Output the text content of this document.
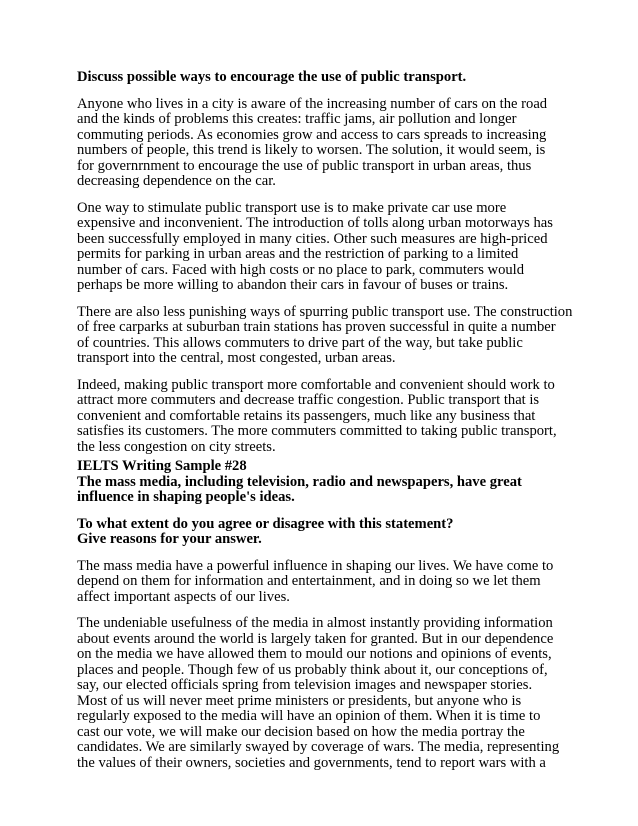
Discuss possible ways to encourage the use of public transport.
Anyone who lives in a city is aware of the increasing number of cars on the road
and the kinds of problems this creates: traffic jams, air pollution and longer
commuting periods. As economies grow and access to cars spreads to increasing
numbers of people, this trend is likely to worsen. The solution, it would seem, is
for governrnment to encourage the use of public transport in urban areas, thus
decreasing dependence on the car.
One way to stimulate public transport use is to make private car use more
expensive and inconvenient. The introduction of tolls along urban motorways has
been successfully employed in many cities. Other such measures are high-priced
permits for parking in urban areas and the restriction of parking to a limited
number of cars. Faced with high costs or no place to park, commuters would
perhaps be more willing to abandon their cars in favour of buses or trains.
There are also less punishing ways of spurring public transport use. The construction
of free carparks at suburban train stations has proven successful in quite a number
of countries. This allows commuters to drive part of the way, but take public
transport into the central, most congested, urban areas.
Indeed, making public transport more comfortable and convenient should work to
attract more commuters and decrease traffic congestion. Public transport that is
convenient and comfortable retains its passengers, much like any business that
satisfies its customers. The more commuters committed to taking public transport,
the less congestion on city streets.
IELTS Writing Sample #28
The mass media, including television, radio and newspapers, have great
influence in shaping people's ideas.
To what extent do you agree or disagree with this statement?
Give reasons for your answer.
The mass media have a powerful influence in shaping our lives. We have come to
depend on them for information and entertainment, and in doing so we let them
affect important aspects of our lives.
The undeniable usefulness of the media in almost instantly providing information
about events around the world is largely taken for granted. But in our dependence
on the media we have allowed them to mould our notions and opinions of events,
places and people. Though few of us probably think about it, our conceptions of,
say, our elected officials spring from television images and newspaper stories.
Most of us will never meet prime ministers or presidents, but anyone who is
regularly exposed to the media will have an opinion of them. When it is time to
cast our vote, we will make our decision based on how the media portray the
candidates. We are similarly swayed by coverage of wars. The media, representing
the values of their owners, societies and governments, tend to report wars with a
